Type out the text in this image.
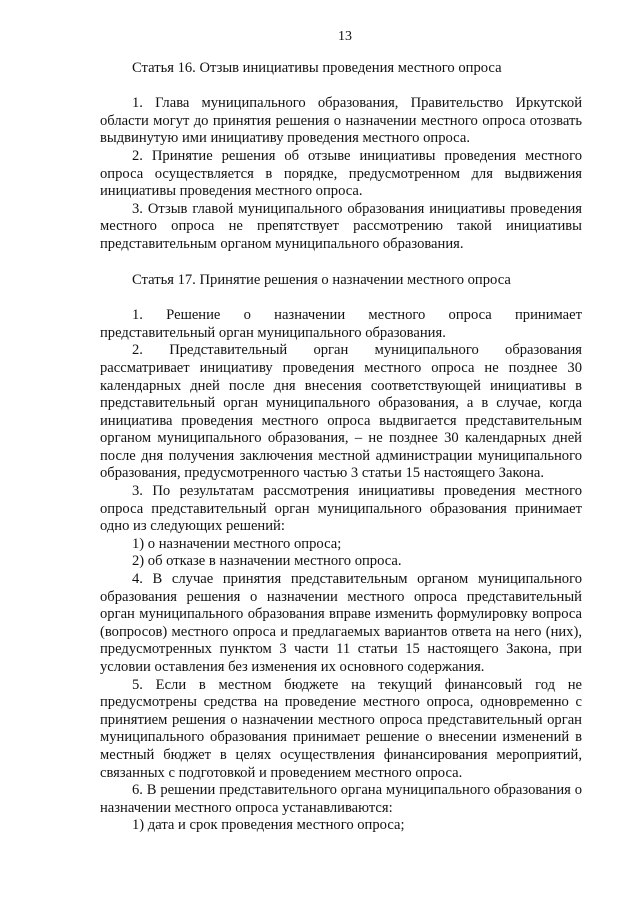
13
Статья 16. Отзыв инициативы проведения местного опроса

1. Глава муниципального образования, Правительство Иркутской области могут до принятия решения о назначении местного опроса отозвать выдвинутую ими инициативу проведения местного опроса.

2. Принятие решения об отзыве инициативы проведения местного опроса осуществляется в порядке, предусмотренном для выдвижения инициативы проведения местного опроса.

3. Отзыв главой муниципального образования инициативы проведения местного опроса не препятствует рассмотрению такой инициативы представительным органом муниципального образования.

Статья 17. Принятие решения о назначении местного опроса

1. Решение о назначении местного опроса принимает представительный орган муниципального образования.

2. Представительный орган муниципального образования рассматривает инициативу проведения местного опроса не позднее 30 календарных дней после дня внесения соответствующей инициативы в представительный орган муниципального образования, а в случае, когда инициатива проведения местного опроса выдвигается представительным органом муниципального образования, – не позднее 30 календарных дней после дня получения заключения местной администрации муниципального образования, предусмотренного частью 3 статьи 15 настоящего Закона.

3. По результатам рассмотрения инициативы проведения местного опроса представительный орган муниципального образования принимает одно из следующих решений:

1) о назначении местного опроса;

2) об отказе в назначении местного опроса.

4. В случае принятия представительным органом муниципального образования решения о назначении местного опроса представительный орган муниципального образования вправе изменить формулировку вопроса (вопросов) местного опроса и предлагаемых вариантов ответа на него (них), предусмотренных пунктом 3 части 11 статьи 15 настоящего Закона, при условии оставления без изменения их основного содержания.

5. Если в местном бюджете на текущий финансовый год не предусмотрены средства на проведение местного опроса, одновременно с принятием решения о назначении местного опроса представительный орган муниципального образования принимает решение о внесении изменений в местный бюджет в целях осуществления финансирования мероприятий, связанных с подготовкой и проведением местного опроса.

6. В решении представительного органа муниципального образования о назначении местного опроса устанавливаются:

1) дата и срок проведения местного опроса;
